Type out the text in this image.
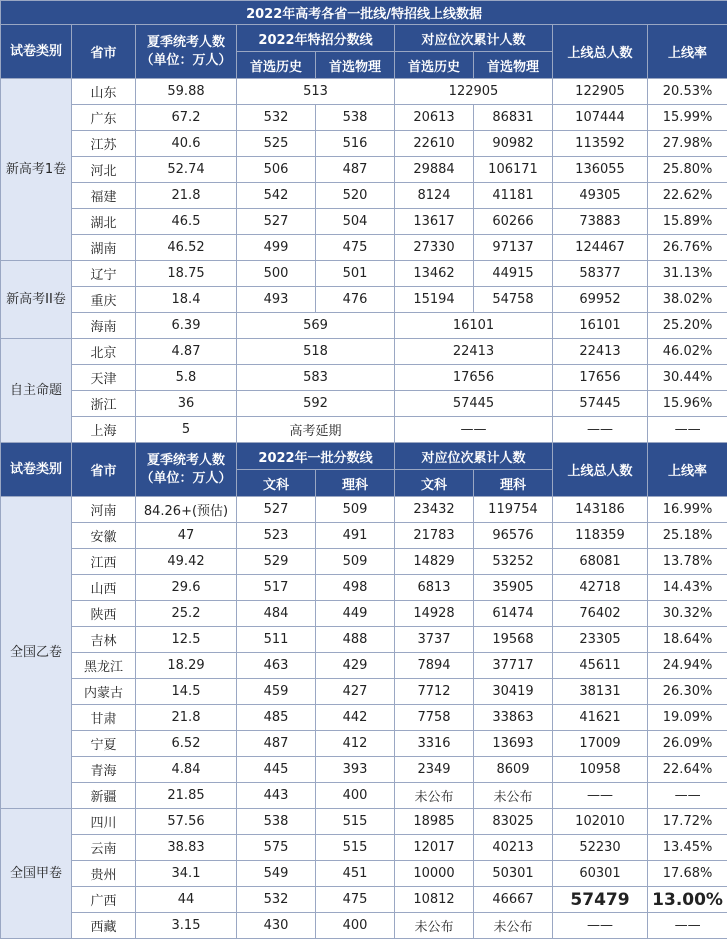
2022年高考各省一批线/特招线上线数据								
试卷类别	省市	夏季统考人数（单位：万人）	2022年特招分数线		对应位次累计人数		上线总人数	上线率
			首选历史	首选物理	首选历史	首选物理		
新高考1卷	山东	59.88	513		122905		122905	20.53%
	广东	67.2	532	538	20613	86831	107444	15.99%
	江苏	40.6	525	516	22610	90982	113592	27.98%
	河北	52.74	506	487	29884	106171	136055	25.80%
	福建	21.8	542	520	8124	41181	49305	22.62%
	湖北	46.5	527	504	13617	60266	73883	15.89%
	湖南	46.52	499	475	27330	97137	124467	26.76%
新高考II卷	辽宁	18.75	500	501	13462	44915	58377	31.13%
	重庆	18.4	493	476	15194	54758	69952	38.02%
	海南	6.39	569		16101		16101	25.20%
自主命题	北京	4.87	518		22413		22413	46.02%
	天津	5.8	583		17656		17656	30.44%
	浙江	36	592		57445		57445	15.96%
	上海	5	高考延期		——		——	——
试卷类别	省市	夏季统考人数（单位：万人）	2022年一批分数线		对应位次累计人数		上线总人数	上线率
			文科	理科	文科	理科		
全国乙卷	河南	84.26+(预估)	527	509	23432	119754	143186	16.99%
	安徽	47	523	491	21783	96576	118359	25.18%
	江西	49.42	529	509	14829	53252	68081	13.78%
	山西	29.6	517	498	6813	35905	42718	14.43%
	陕西	25.2	484	449	14928	61474	76402	30.32%
	吉林	12.5	511	488	3737	19568	23305	18.64%
	黑龙江	18.29	463	429	7894	37717	45611	24.94%
	内蒙古	14.5	459	427	7712	30419	38131	26.30%
	甘肃	21.8	485	442	7758	33863	41621	19.09%
	宁夏	6.52	487	412	3316	13693	17009	26.09%
	青海	4.84	445	393	2349	8609	10958	22.64%
	新疆	21.85	443	400	未公布	未公布	——	——
全国甲卷	四川	57.56	538	515	18985	83025	102010	17.72%
	云南	38.83	575	515	12017	40213	52230	13.45%
	贵州	34.1	549	451	10000	50301	60301	17.68%
	广西	44	532	475	10812	46667	57479	13.00%
	西藏	3.15	430	400	未公布	未公布	——	——
